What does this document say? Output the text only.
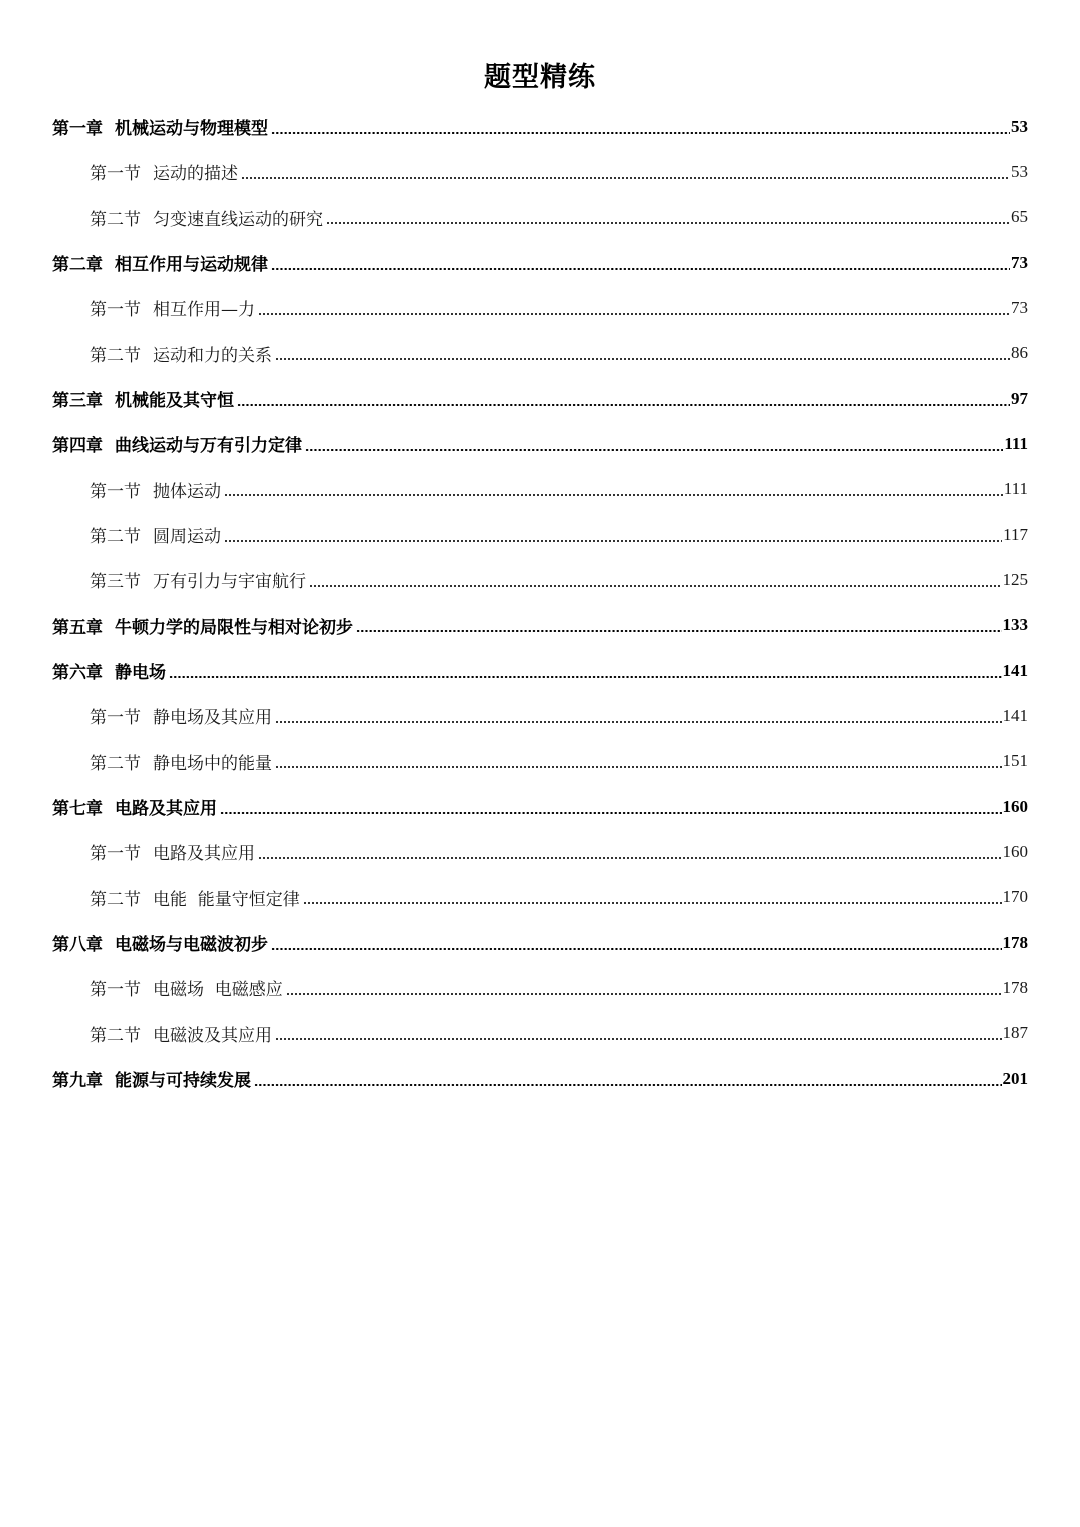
题型精练
第一章 机械运动与物理模型	53
第一节 运动的描述	53
第二节 匀变速直线运动的研究	65
第二章 相互作用与运动规律	73
第一节 相互作用—力	73
第二节 运动和力的关系	86
第三章 机械能及其守恒	97
第四章 曲线运动与万有引力定律	111
第一节 抛体运动	111
第二节 圆周运动	117
第三节 万有引力与宇宙航行	125
第五章 牛顿力学的局限性与相对论初步	133
第六章 静电场	141
第一节 静电场及其应用	141
第二节 静电场中的能量	151
第七章 电路及其应用	160
第一节 电路及其应用	160
第二节 电能  能量守恒定律	170
第八章 电磁场与电磁波初步	178
第一节 电磁场  电磁感应	178
第二节 电磁波及其应用	187
第九章 能源与可持续发展	201
